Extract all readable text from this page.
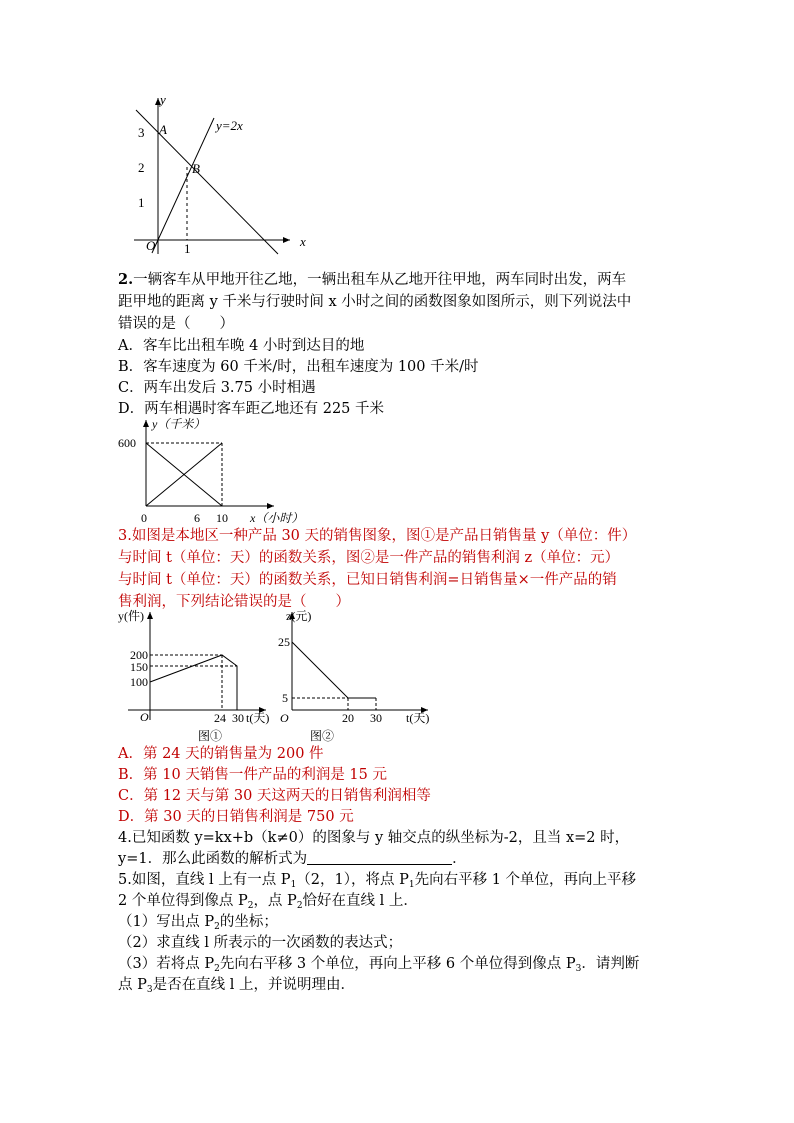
y
x
O
3
2
1
1
A
B
y=2x
2.一辆客车从甲地开往乙地，一辆出租车从乙地开往甲地，两车同时出发，两车
距甲地的距离 y 千米与行驶时间 x 小时之间的函数图象如图所示，则下列说法中
错误的是（　　）
A．客车比出租车晚 4 小时到达目的地
B．客车速度为 60 千米/时，出租车速度为 100 千米/时
C．两车出发后 3.75 小时相遇
D．两车相遇时客车距乙地还有 225 千米
y（千米）
x（小时）
600
0	6 10
3.如图是本地区一种产品 30 天的销售图象，图①是产品日销售量 y（单位：件）
与时间 t（单位：天）的函数关系，图②是一件产品的销售利润 z（单位：元）
与时间 t（单位：天）的函数关系，已知日销售利润=日销售量×一件产品的销
售利润，下列结论错误的是（　　）
y(件)
200
150
100
O	24 30 t(天)
图①
z(元)
25
5
O	20 30 t(天)
图②
A．第 24 天的销售量为 200 件
B．第 10 天销售一件产品的利润是 15 元
C．第 12 天与第 30 天这两天的日销售利润相等
D．第 30 天的日销售利润是 750 元
4.已知函数 y=kx+b（k≠0）的图象与 y 轴交点的纵坐标为-2，且当 x=2 时，
y=1．那么此函数的解析式为	．
5.如图，直线 l 上有一点 $P_1(2$，1），将点 $P_1$先向右平移 1 个单位，再向上平移
2 个单位得到像点 $P_2$，点 $P_2$恰好在直线 l 上．
（1）写出点 $P_2$的坐标；
（2）求直线 l 所表示的一次函数的表达式；
（3）若将点 $P_2$先向右平移 3 个单位，再向上平移 6 个单位得到像点 $P_3$．请判断
点 $P_3$是否在直线 l 上，并说明理由．
